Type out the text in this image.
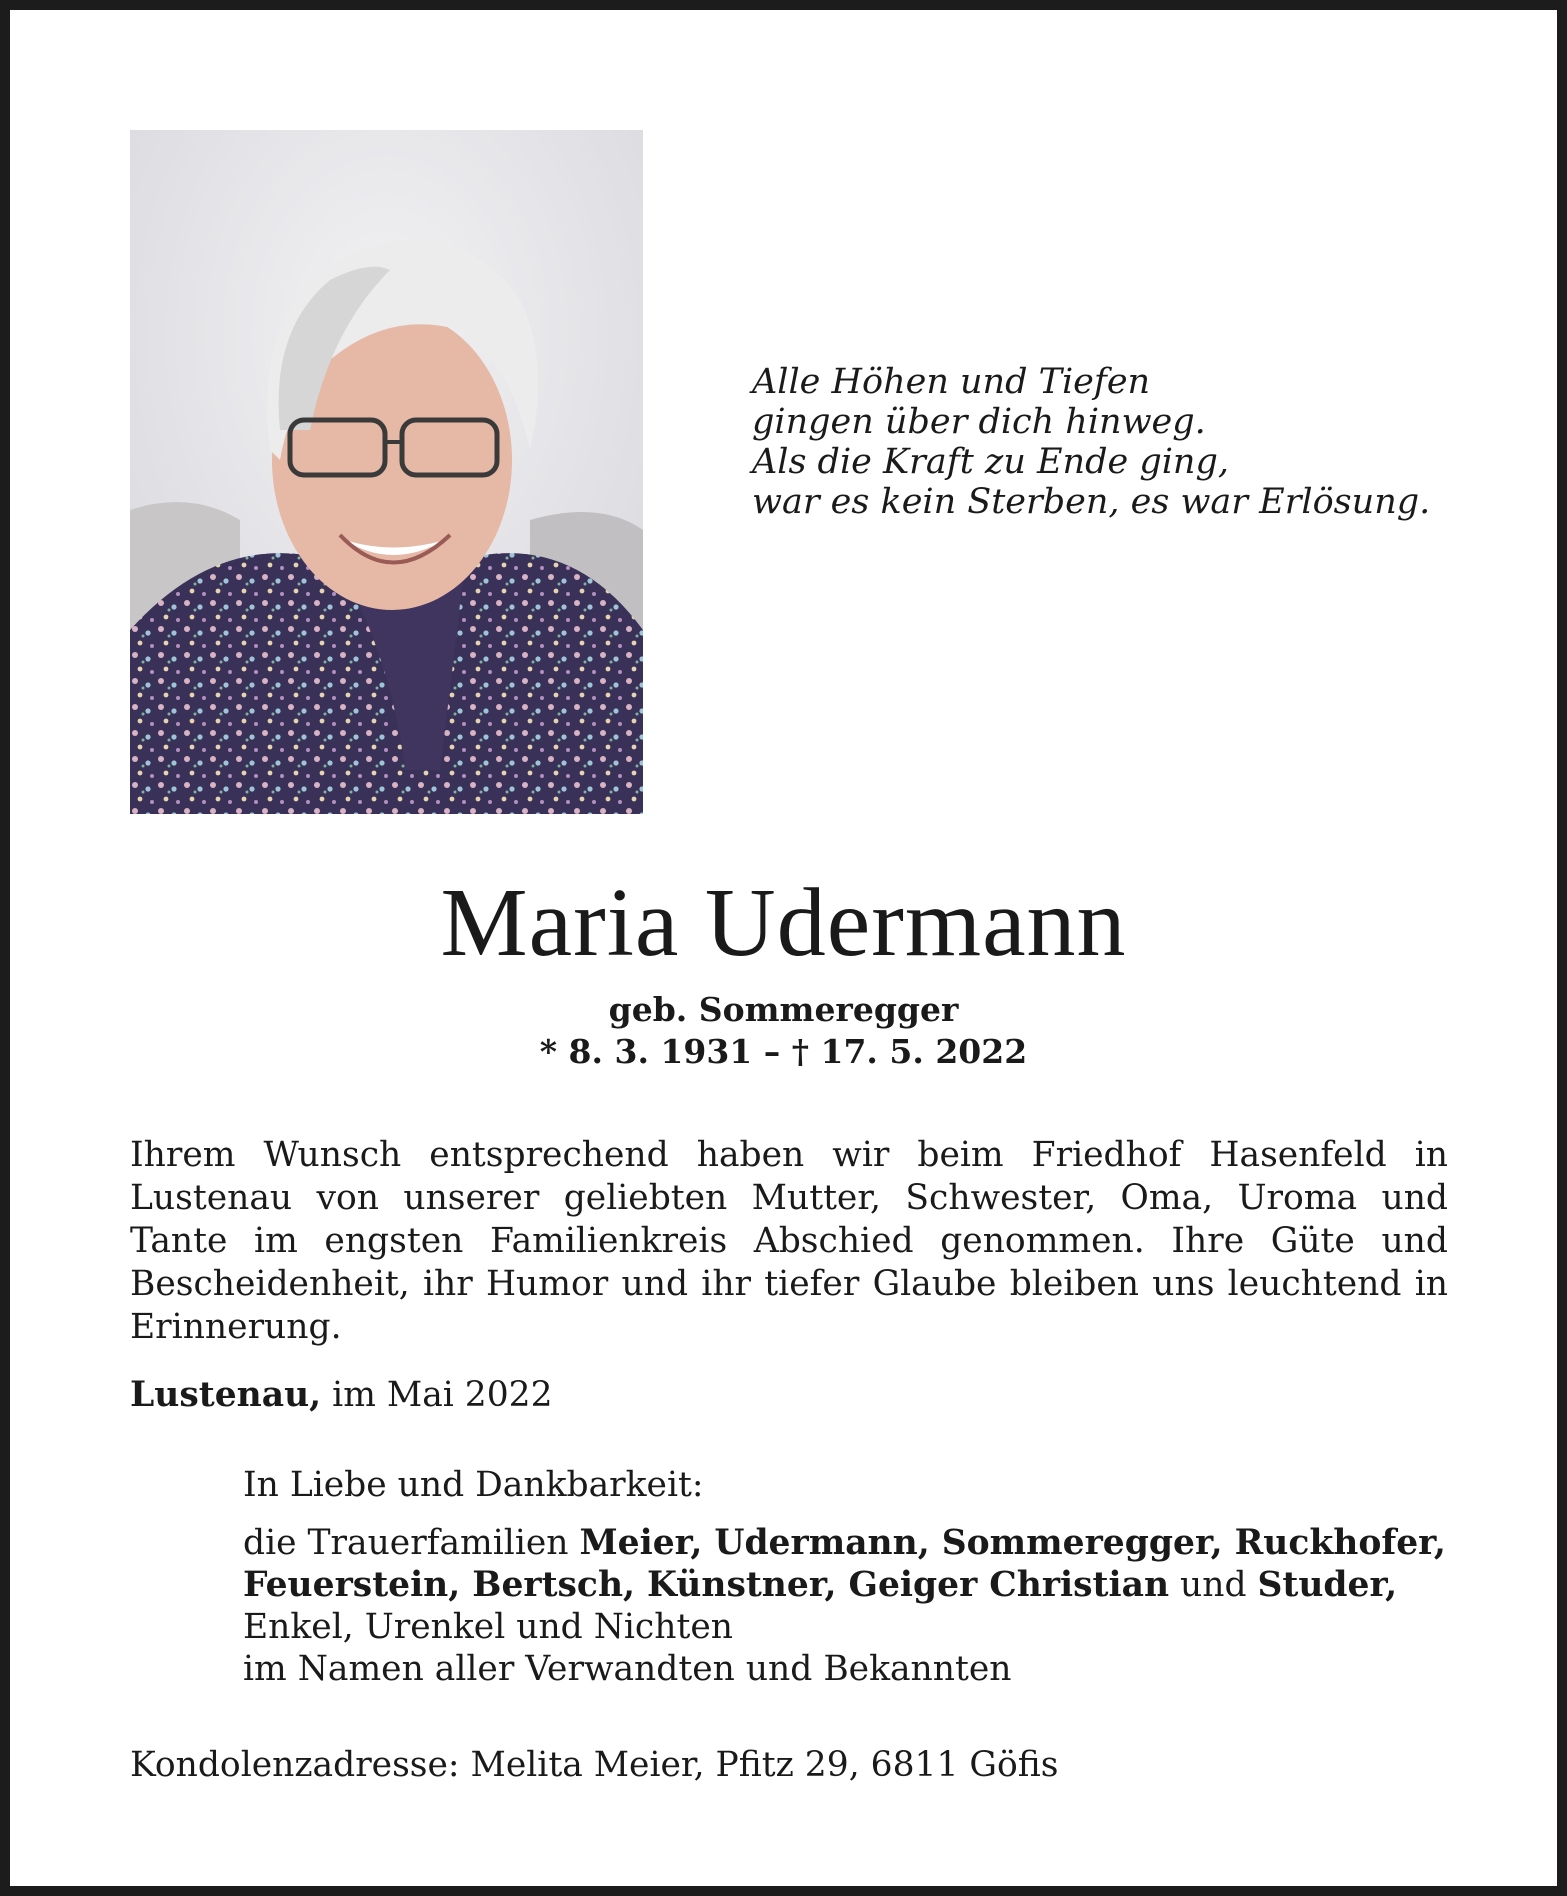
Alle Höhen und Tiefen
gingen über dich hinweg.
Als die Kraft zu Ende ging,
war es kein Sterben, es war Erlösung.
Maria Udermann
geb. Sommeregger
* 8. 3. 1931 – † 17. 5. 2022
Ihrem Wunsch entsprechend haben wir beim Friedhof Hasenfeld in Lustenau von unserer geliebten Mutter, Schwester, Oma, Uroma und Tante im engsten Familienkreis Abschied genommen. Ihre Güte und Bescheidenheit, ihr Humor und ihr tiefer Glaube bleiben uns leuchtend in Erinnerung.
Lustenau, im Mai 2022
In Liebe und Dankbarkeit:
die Trauerfamilien Meier, Udermann, Sommeregger, Ruckhofer,
Feuerstein, Bertsch, Künstner, Geiger Christian und Studer,
Enkel, Urenkel und Nichten
im Namen aller Verwandten und Bekannten
Kondolenzadresse: Melita Meier, Pfitz 29, 6811 Göfis
